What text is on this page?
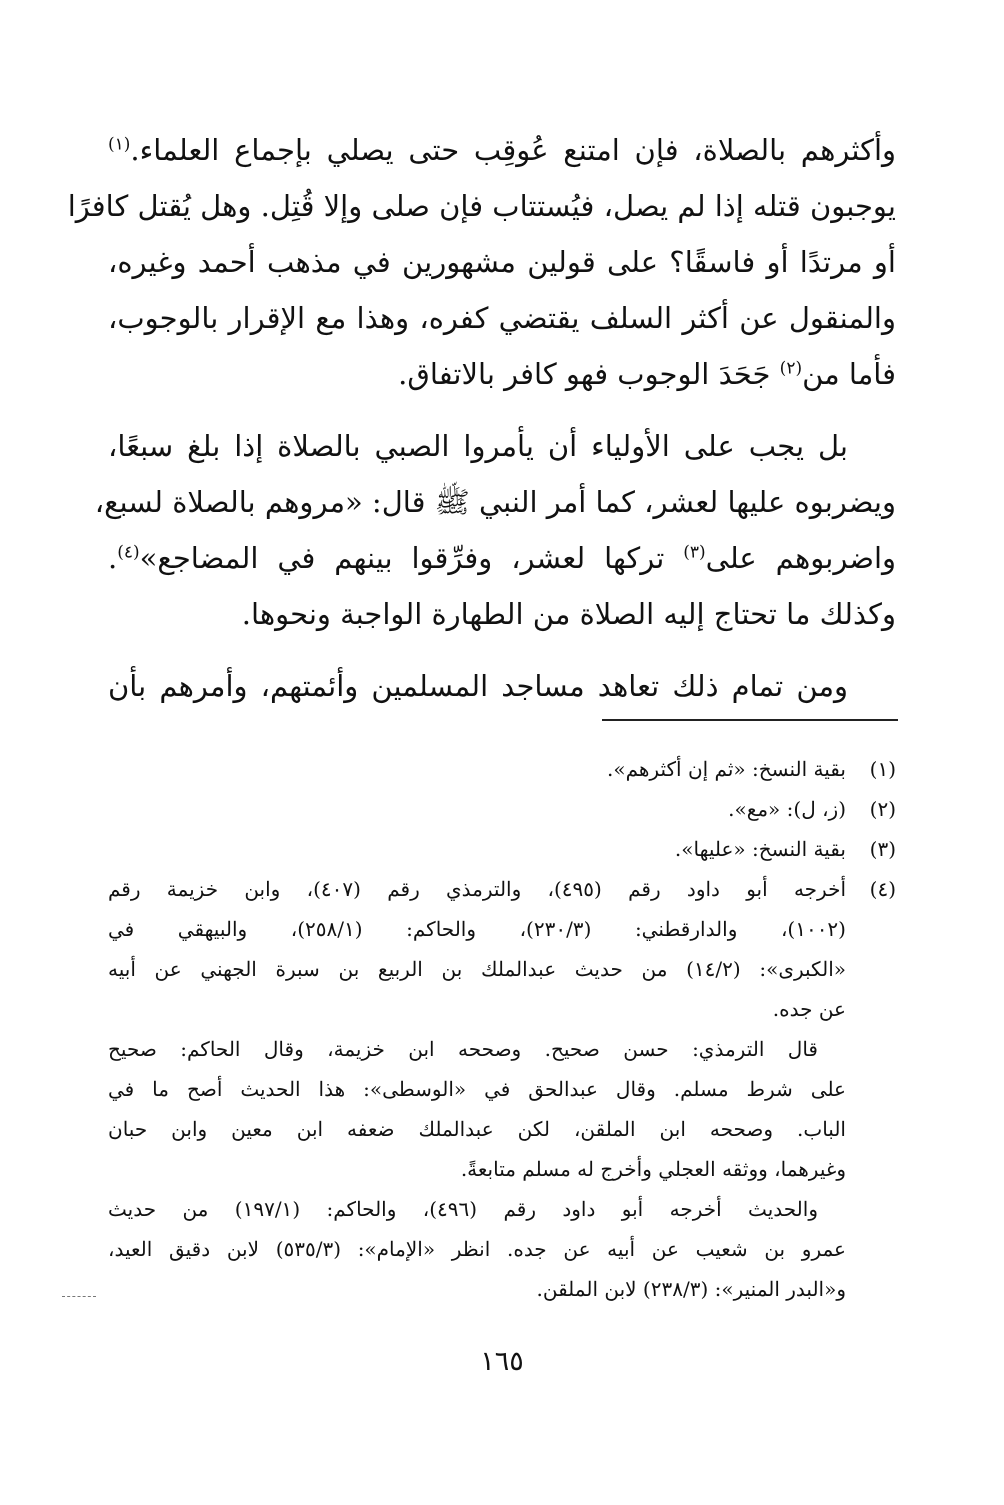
وأكثرهم بالصلاة، فإن امتنع عُوقِب حتى يصلي بإجماع العلماء.$^{(١)}$
يوجبون قتله إذا لم يصل، فيُستتاب فإن صلى وإلا قُتِل. وهل يُقتل كافرًا
أو مرتدًا أو فاسقًا؟ على قولين مشهورين في مذهب أحمد وغيره،
والمنقول عن أكثر السلف يقتضي كفره، وهذا مع الإقرار بالوجوب،
فأما من$^{(٢)}$ جَحَدَ الوجوب فهو كافر بالاتفاق.
بل يجب على الأولياء أن يأمروا الصبي بالصلاة إذا بلغ سبعًا،
ويضربوه عليها لعشر، كما أمر النبي ﷺ قال: «مروهم بالصلاة لسبع،
واضربوهم على$^{(٣)}$ تركها لعشر، وفرِّقوا بينهم في المضاجع»$^{(٤)}$.
وكذلك ما تحتاج إليه الصلاة من الطهارة الواجبة ونحوها.
ومن تمام ذلك تعاهد مساجد المسلمين وأئمتهم، وأمرهم بأن
(١)
بقية النسخ: «ثم إن أكثرهم».
(٢)
(ز، ل): «مع».
(٣)
بقية النسخ: «عليها».
(٤)
أخرجه أبو داود رقم (٤٩٥)، والترمذي رقم (٤٠٧)، وابن خزيمة رقم
(١٠٠٢)، والدارقطني: (٢٣٠/٣)، والحاكم: (٢٥٨/١)، والبيهقي في
«الكبرى»: (١٤/٢) من حديث عبدالملك بن الربيع بن سبرة الجهني عن أبيه
عن جده.
قال الترمذي: حسن صحيح. وصححه ابن خزيمة، وقال الحاكم: صحيح
على شرط مسلم. وقال عبدالحق في «الوسطى»: هذا الحديث أصح ما في
الباب. وصححه ابن الملقن، لكن عبدالملك ضعفه ابن معين وابن حبان
وغيرهما، ووثقه العجلي وأخرج له مسلم متابعةً.
والحديث أخرجه أبو داود رقم (٤٩٦)، والحاكم: (١٩٧/١) من حديث
عمرو بن شعيب عن أبيه عن جده. انظر «الإمام»: (٥٣٥/٣) لابن دقيق العيد،
و«البدر المنير»: (٢٣٨/٣) لابن الملقن.
١٦٥
